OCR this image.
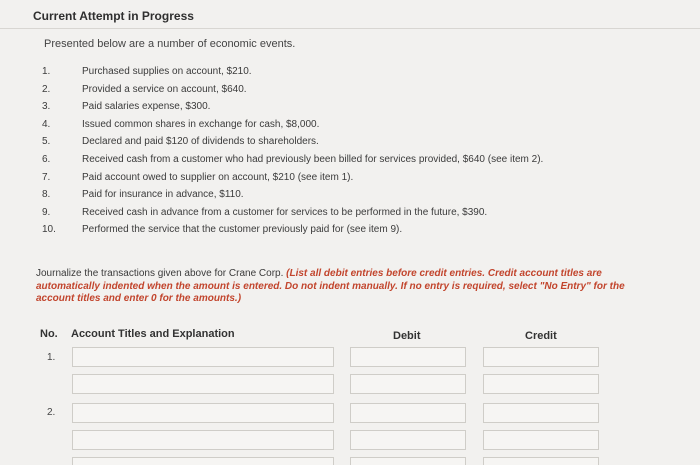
Current Attempt in Progress
Presented below are a number of economic events.
1.	Purchased supplies on account, $210.
2.	Provided a service on account, $640.
3.	Paid salaries expense, $300.
4.	Issued common shares in exchange for cash, $8,000.
5.	Declared and paid $120 of dividends to shareholders.
6.	Received cash from a customer who had previously been billed for services provided, $640 (see item 2).
7.	Paid account owed to supplier on account, $210 (see item 1).
8.	Paid for insurance in advance, $110.
9.	Received cash in advance from a customer for services to be performed in the future, $390.
10.	Performed the service that the customer previously paid for (see item 9).
Journalize the transactions given above for Crane Corp. (List all debit entries before credit entries. Credit account titles are automatically indented when the amount is entered. Do not indent manually. If no entry is required, select "No Entry" for the account titles and enter 0 for the amounts.)
No. Account Titles and Explanation	Debit	Credit
1.
2.
